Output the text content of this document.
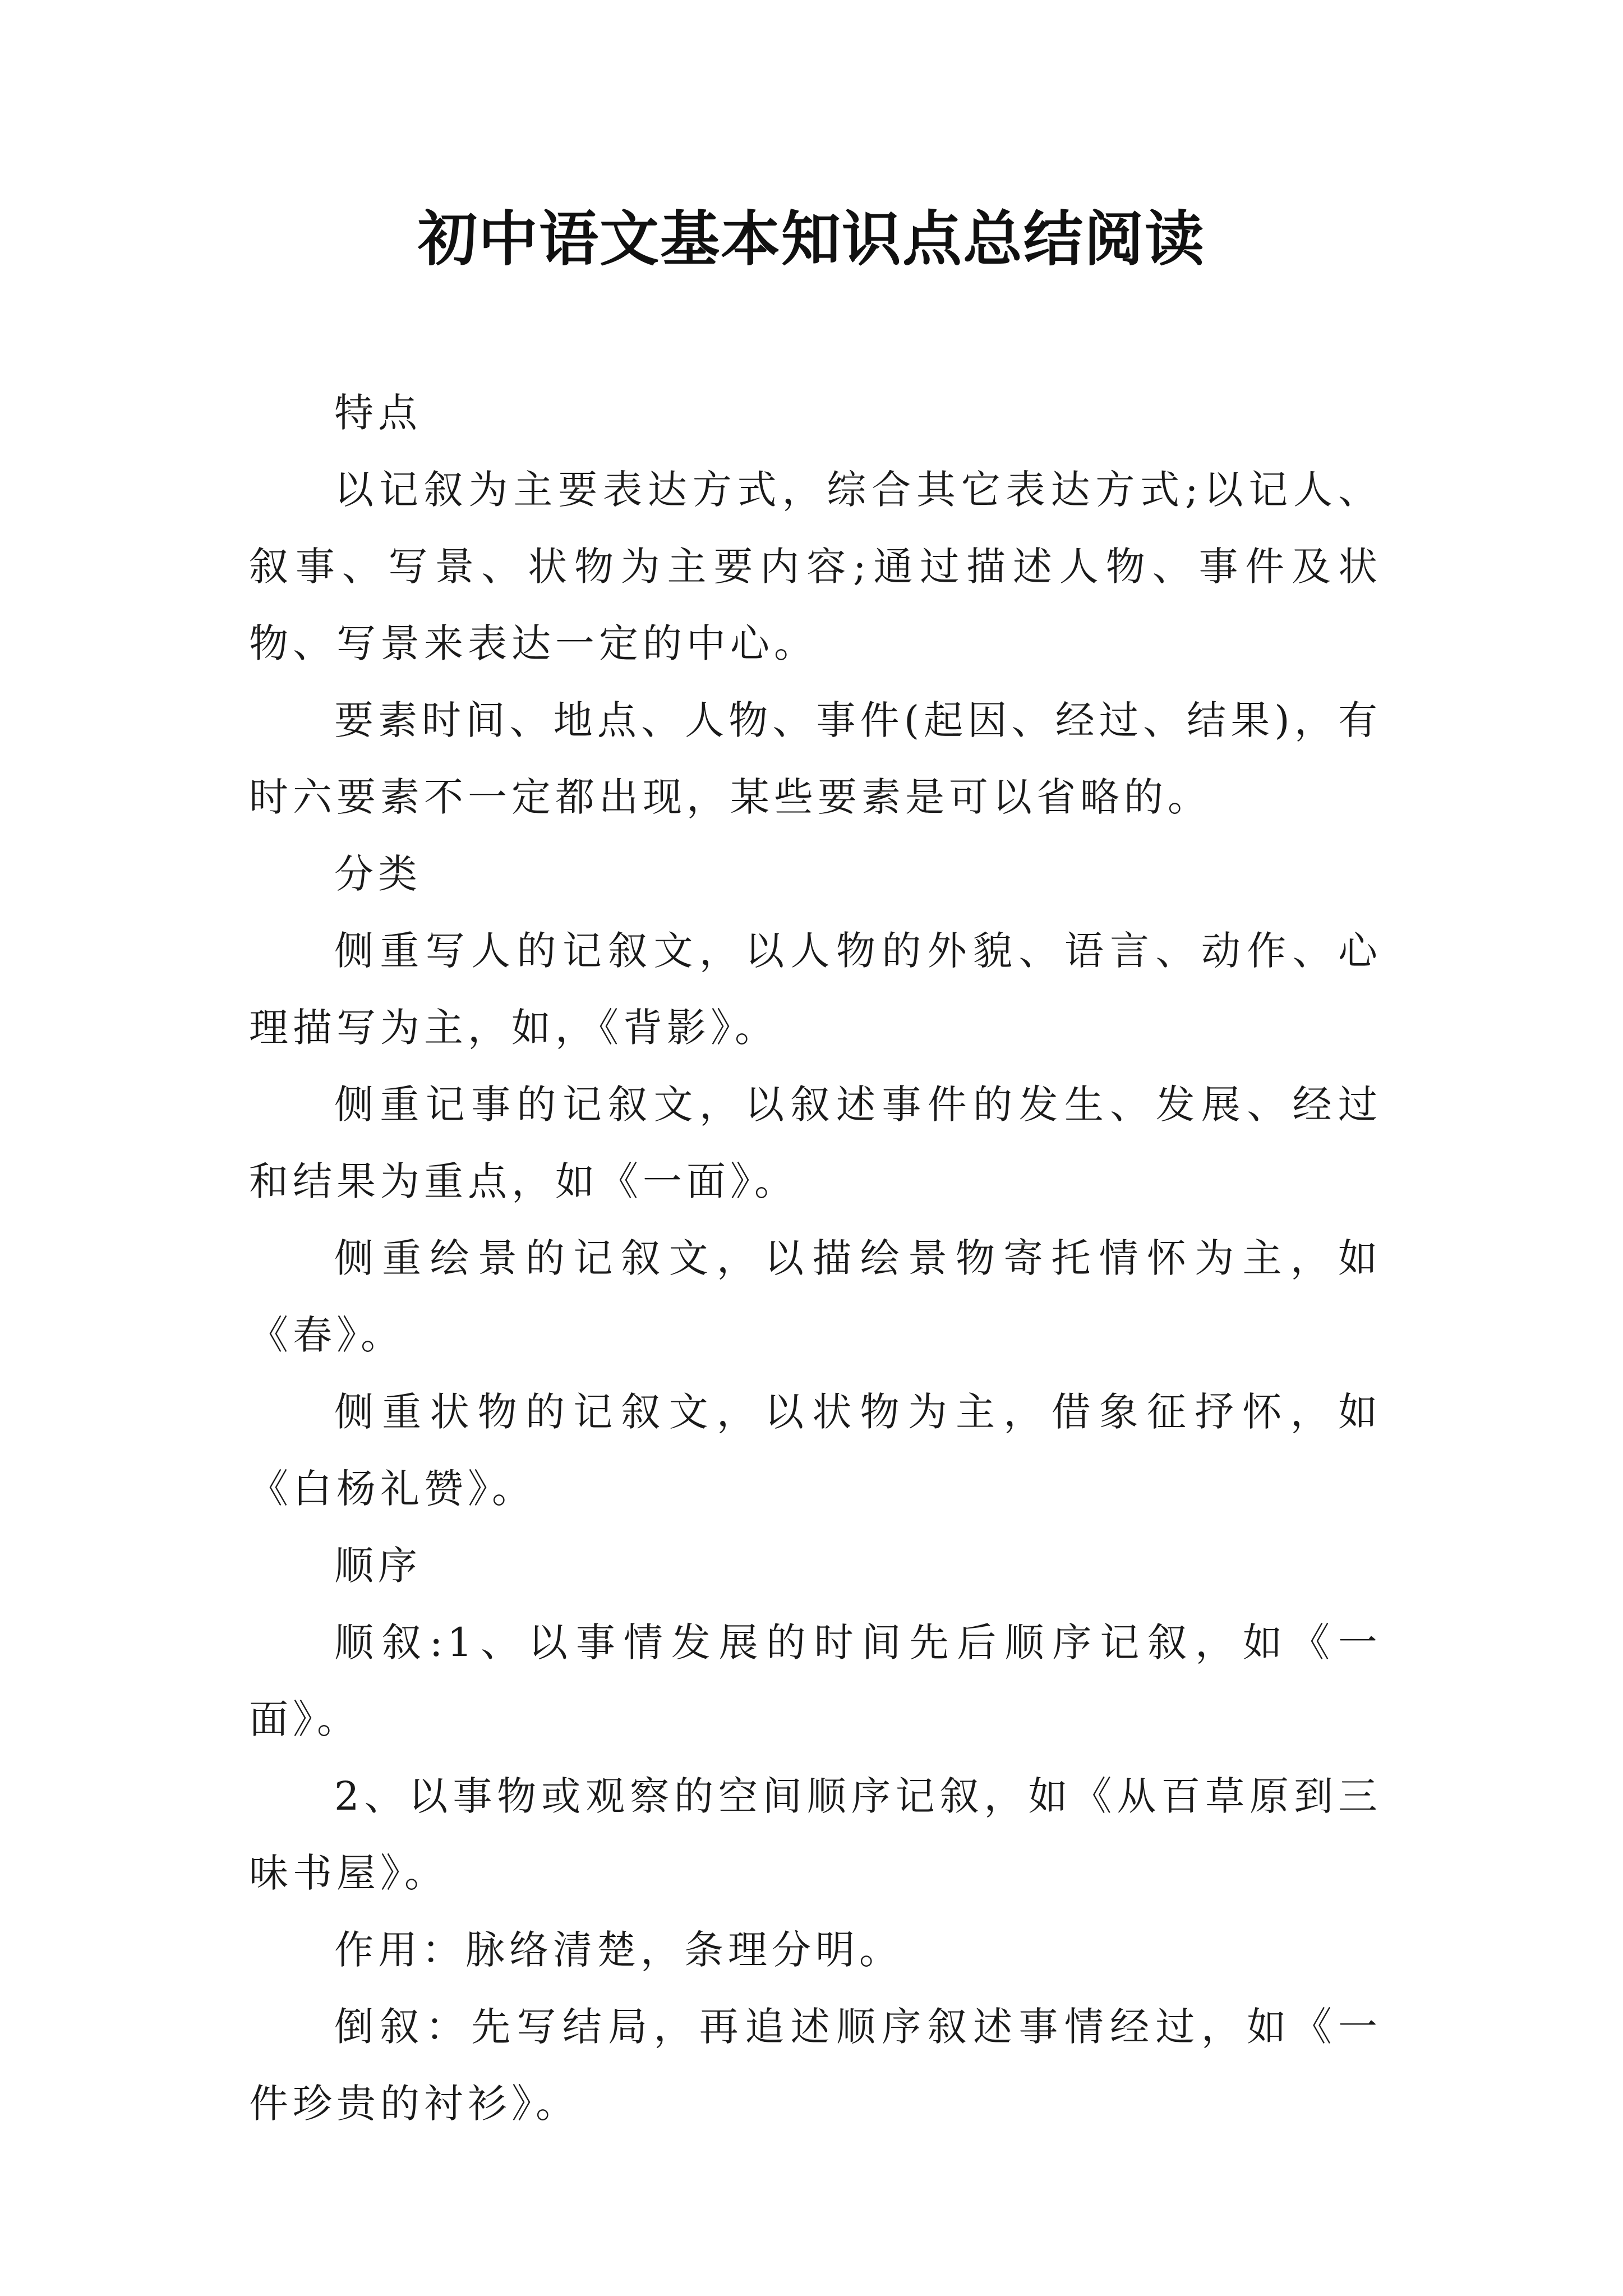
初中语文基本知识点总结阅读

特点

以记叙为主要表达方式，综合其它表达方式;以记人、叙事、写景、状物为主要内容;通过描述人物、事件及状物、写景来表达一定的中心。

要素时间、地点、人物、事件(起因、经过、结果)，有时六要素不一定都出现，某些要素是可以省略的。

分类

侧重写人的记叙文，以人物的外貌、语言、动作、心理描写为主，如，《背影》。

侧重记事的记叙文，以叙述事件的发生、发展、经过和结果为重点，如《一面》。

侧重绘景的记叙文，以描绘景物寄托情怀为主，如《春》。

侧重状物的记叙文，以状物为主，借象征抒怀，如《白杨礼赞》。

顺序

顺叙:1、以事情发展的时间先后顺序记叙，如《一面》。

2、以事物或观察的空间顺序记叙，如《从百草原到三味书屋》。

作用：脉络清楚，条理分明。

倒叙：先写结局，再追述顺序叙述事情经过，如《一件珍贵的衬衫》。
